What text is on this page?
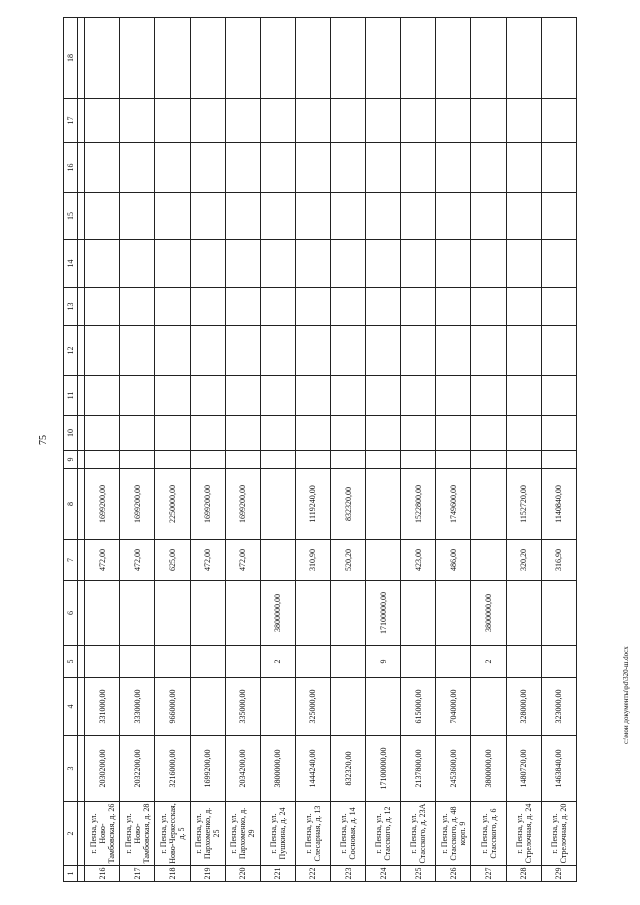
75
c:\мои документы\pd\320-ш.docx
1	2	3	4	5	6	7	8	9	10	11	12	13	14	15	16	17	18

216	г. Пенза, ул. Ново-Тамбовская, д. 26	2030200,00	331000,00			472,00	1699200,00										
217	г. Пенза, ул. Ново-Тамбовская, д. 28	2032200,00	333000,00			472,00	1699200,00										
218	г. Пенза, ул. Ново-Черкесская, д. 5	3216000,00	966000,00			625,00	2250000,00										
219	г. Пенза, ул. Пархоменко, д. 25	1699200,00				472,00	1699200,00										
220	г. Пенза, ул. Пархоменко, д. 29	2034200,00	335000,00			472,00	1699200,00										
221	г. Пенза, ул. Пушкина, д. 24	3800000,00		2	3800000,00												
222	г. Пенза, ул. Слесарная, д. 13	1444240,00	325000,00			310,90	1119240,00										
223	г. Пенза, ул. Сосновая, д. 14	832320,00				520,20	832320,00										
224	г. Пенза, ул. Стасского, д. 12	17100000,00		9	17100000,00												
225	г. Пенза, ул. Стасского, д. 23А	2137800,00	615000,00			423,00	1522800,00										
226	г. Пенза, ул. Стасского, д. 48 корп. 9	2453600,00	704000,00			486,00	1749600,00										
227	г. Пенза, ул. Стасского, д. 6	3800000,00		2	3800000,00												
228	г. Пенза, ул. Стрелочная, д. 24	1480720,00	328000,00			320,20	1152720,00										
229	г. Пенза, ул. Стрелочная, д. 20	1463840,00	323000,00			316,90	1140840,00										
